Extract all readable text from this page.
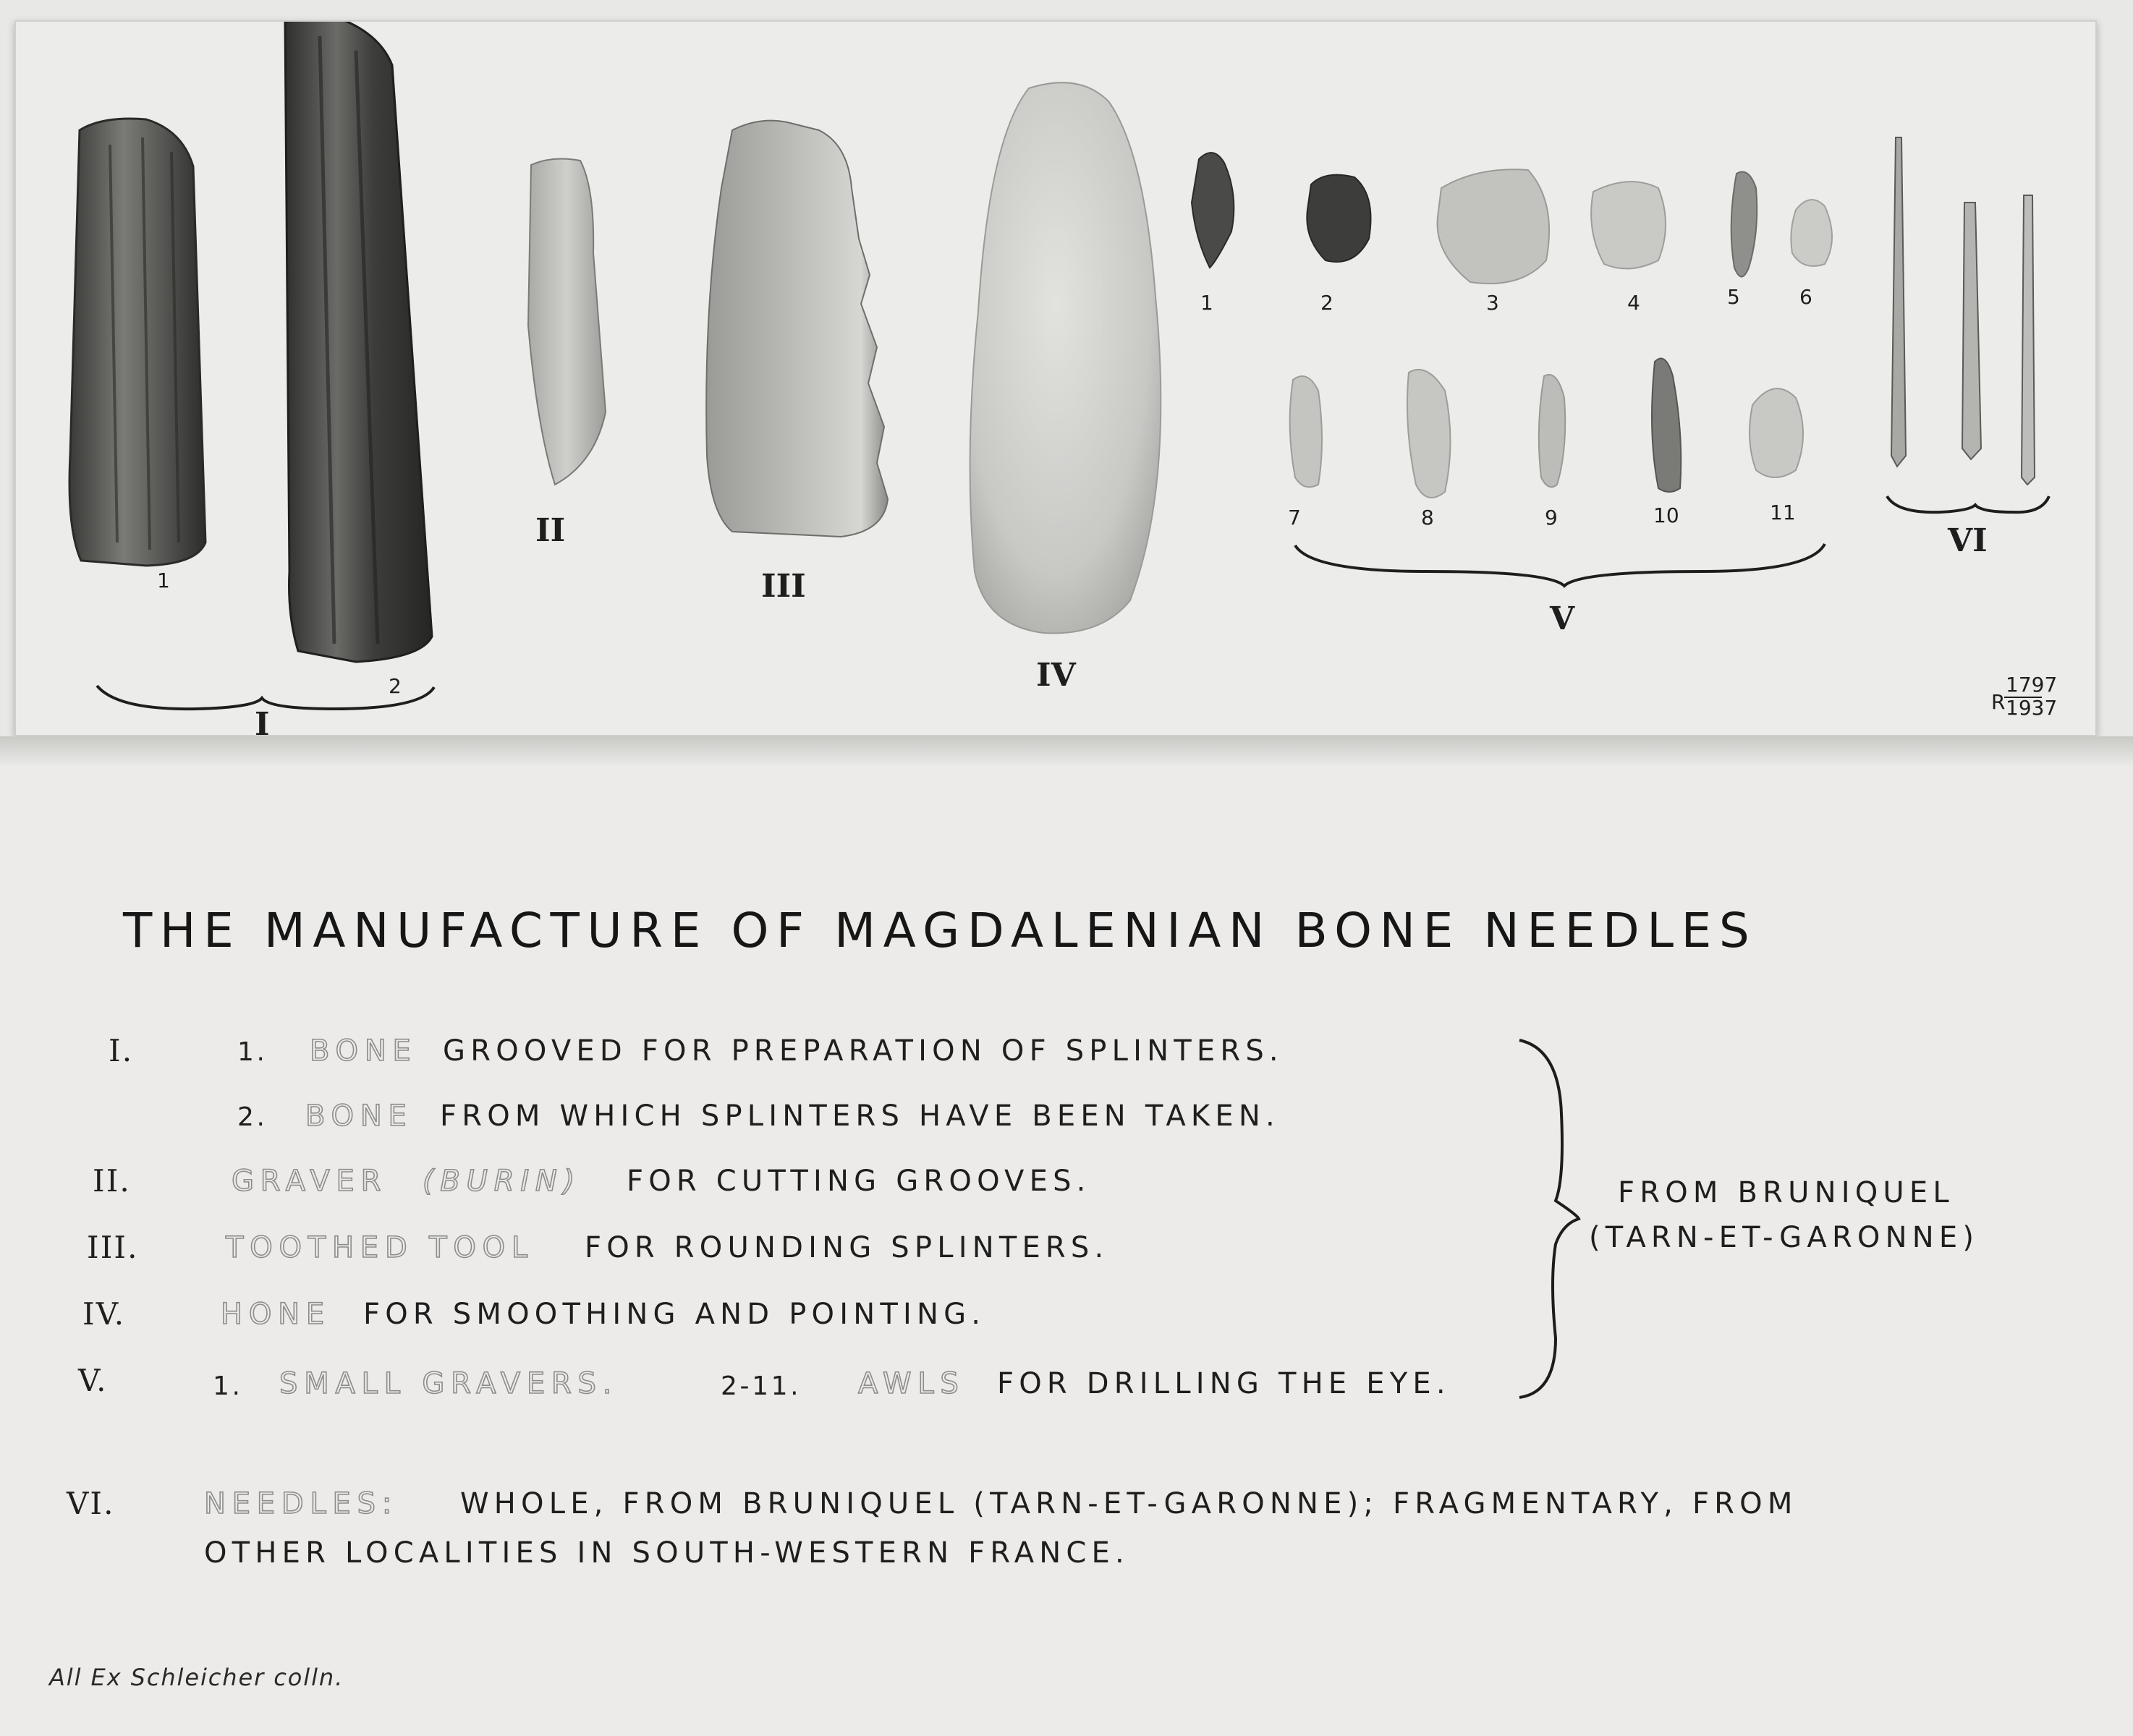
1
2
I
II
III
IV
1	2	3	4	5	6
7	8	9	10	11
V
VI
R
1797
1937
THE MANUFACTURE OF MAGDALENIAN BONE NEEDLES
I.	1. BONE GROOVED FOR PREPARATION OF SPLINTERS.
2. BONE FROM WHICH SPLINTERS HAVE BEEN TAKEN.
II.	GRAVER (BURIN) FOR CUTTING GROOVES.
III.	TOOTHED TOOL FOR ROUNDING SPLINTERS.
IV.	HONE FOR SMOOTHING AND POINTING.
V.	1. SMALL GRAVERS.	2-11. AWLS FOR DRILLING THE EYE.
FROM BRUNIQUEL
(TARN-ET-GARONNE)
VI.	NEEDLES: WHOLE, FROM BRUNIQUEL (TARN-ET-GARONNE); FRAGMENTARY, FROM
OTHER LOCALITIES IN SOUTH-WESTERN FRANCE.
All Ex Schleicher colln.
